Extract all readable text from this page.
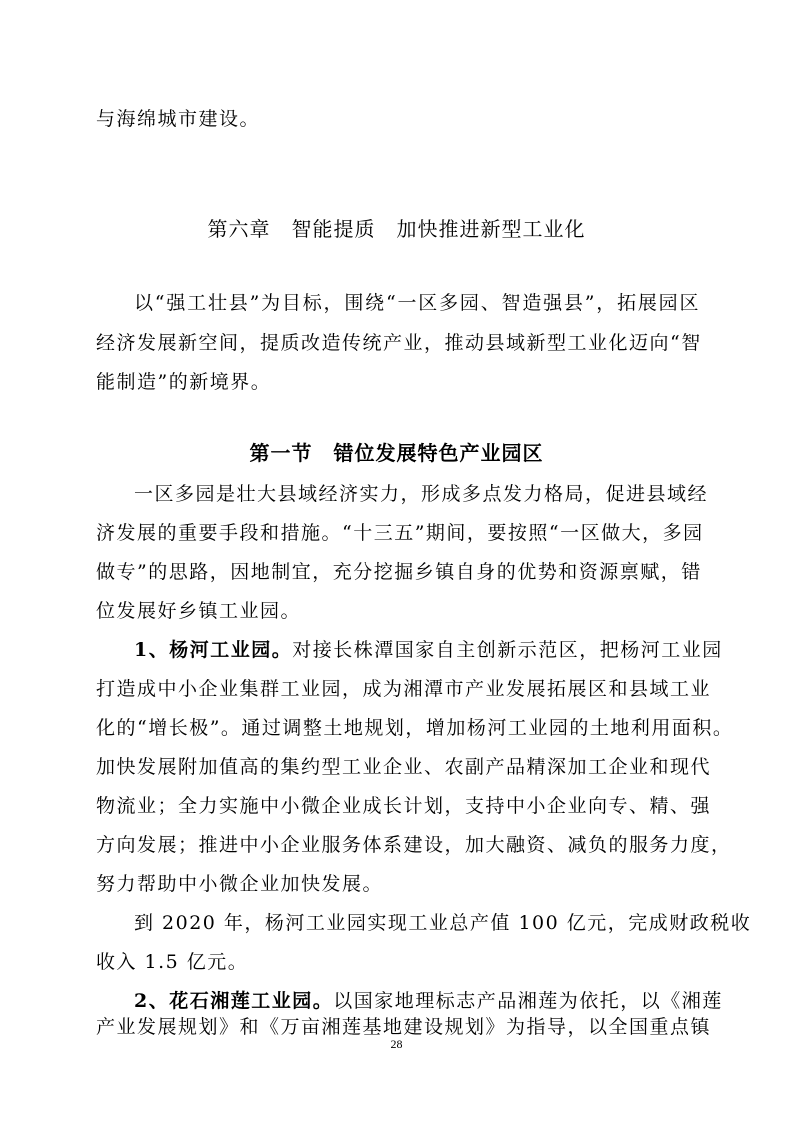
与海绵城市建设。
第六章　智能提质　加快推进新型工业化
以“强工壮县”为目标，围绕“一区多园、智造强县”，拓展园区
经济发展新空间，提质改造传统产业，推动县域新型工业化迈向“智
能制造”的新境界。
第一节　错位发展特色产业园区
一区多园是壮大县域经济实力，形成多点发力格局，促进县域经
济发展的重要手段和措施。“十三五”期间，要按照“一区做大，多园
做专”的思路，因地制宜，充分挖掘乡镇自身的优势和资源禀赋，错
位发展好乡镇工业园。
1、杨河工业园。对接长株潭国家自主创新示范区，把杨河工业园
打造成中小企业集群工业园，成为湘潭市产业发展拓展区和县域工业
化的“增长极”。通过调整土地规划，增加杨河工业园的土地利用面积。
加快发展附加值高的集约型工业企业、农副产品精深加工企业和现代
物流业；全力实施中小微企业成长计划，支持中小企业向专、精、强
方向发展；推进中小企业服务体系建设，加大融资、减负的服务力度，
努力帮助中小微企业加快发展。
到 2020 年，杨河工业园实现工业总产值 100 亿元，完成财政税收
收入 1.5 亿元。
2、花石湘莲工业园。以国家地理标志产品湘莲为依托，以《湘莲
产业发展规划》和《万亩湘莲基地建设规划》为指导，以全国重点镇
28
